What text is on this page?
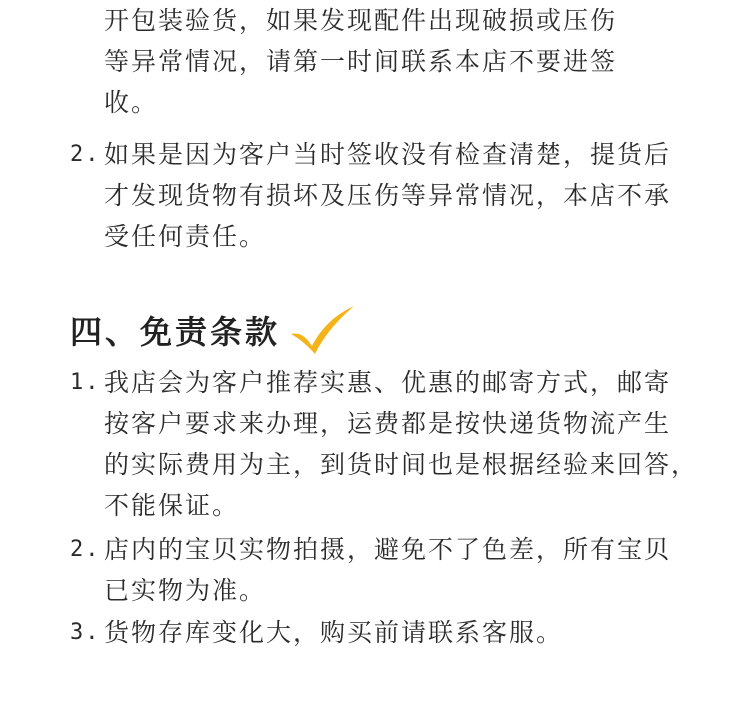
开包装验货，如果发现配件出现破损或压伤
等异常情况，请第一时间联系本店不要进签
收。
2. 如果是因为客户当时签收没有检查清楚，提货后
才发现货物有损坏及压伤等异常情况，本店不承
受任何责任。
四、免责条款
1. 我店会为客户推荐实惠、优惠的邮寄方式，邮寄
按客户要求来办理，运费都是按快递货物流产生
的实际费用为主，到货时间也是根据经验来回答，
不能保证。
2. 店内的宝贝实物拍摄，避免不了色差，所有宝贝
已实物为准。
3. 货物存库变化大，购买前请联系客服。
